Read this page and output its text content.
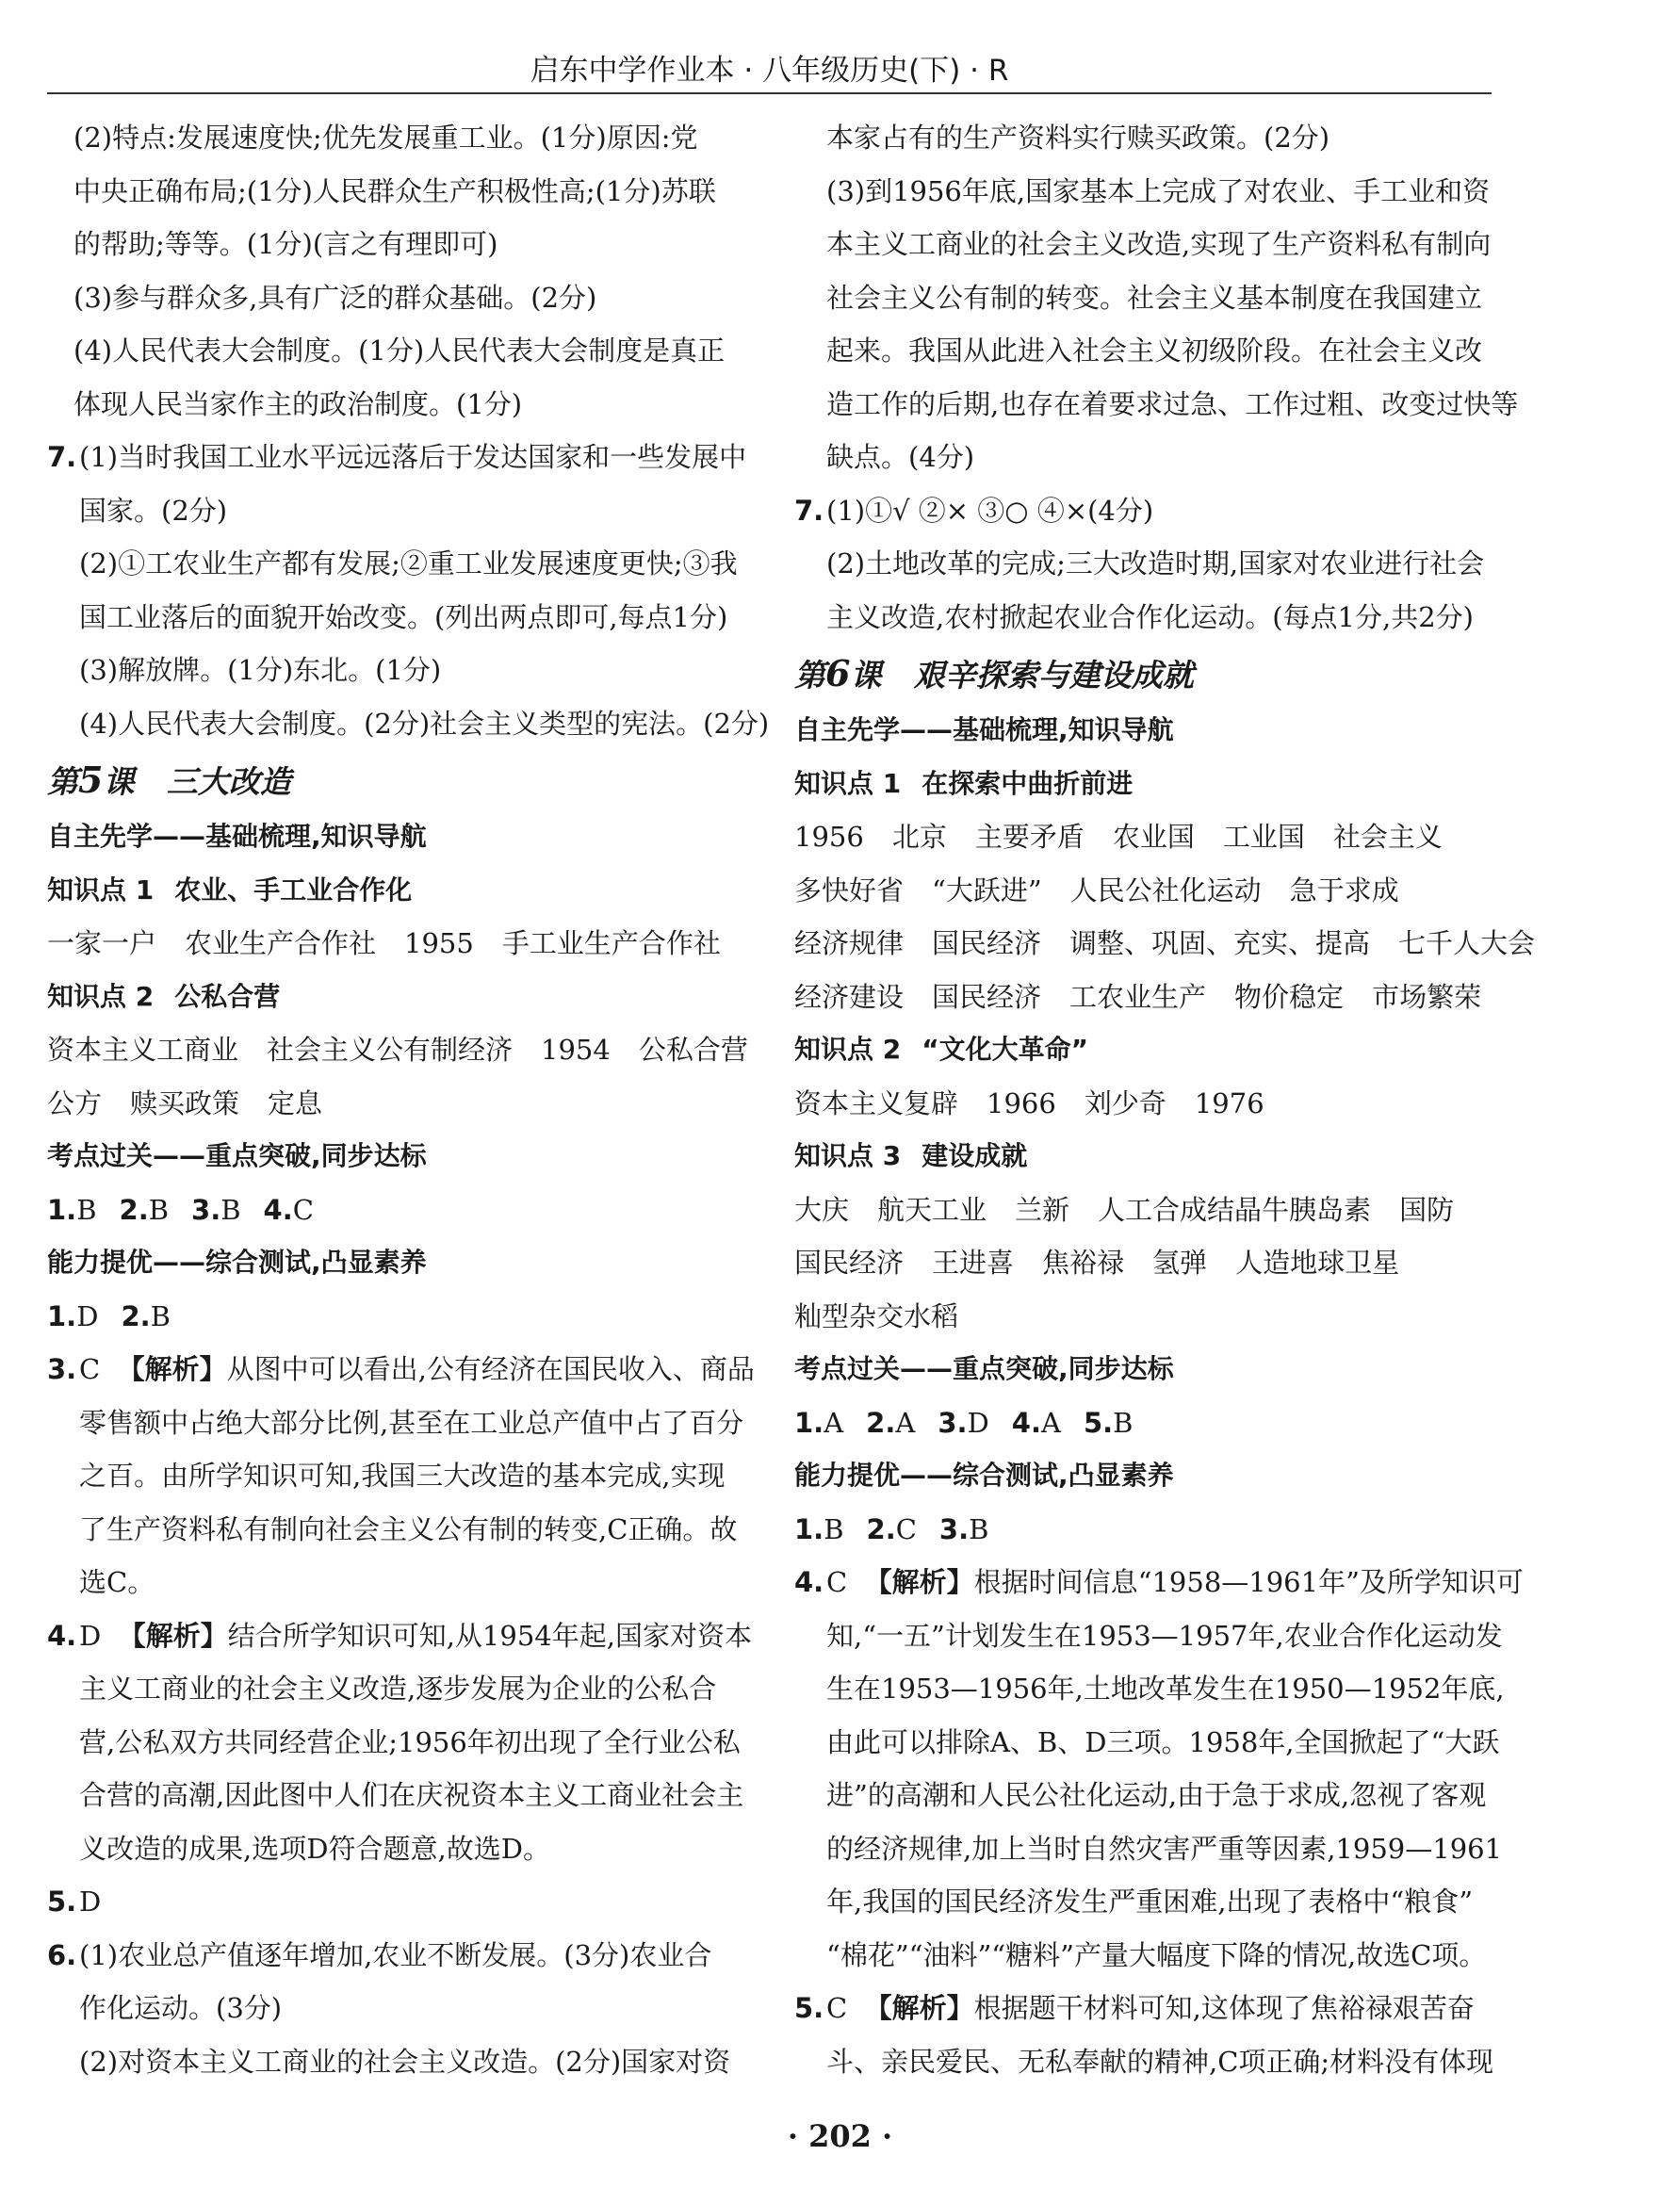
启东中学作业本 · 八年级历史(下) · R
(2)特点:发展速度快;优先发展重工业。(1分)原因:党
中央正确布局;(1分)人民群众生产积极性高;(1分)苏联
的帮助;等等。(1分)(言之有理即可)
(3)参与群众多,具有广泛的群众基础。(2分)
(4)人民代表大会制度。(1分)人民代表大会制度是真正
体现人民当家作主的政治制度。(1分)
7.(1)当时我国工业水平远远落后于发达国家和一些发展中
国家。(2分)
(2)①工农业生产都有发展;②重工业发展速度更快;③我
国工业落后的面貌开始改变。(列出两点即可,每点1分)
(3)解放牌。(1分)东北。(1分)
(4)人民代表大会制度。(2分)社会主义类型的宪法。(2分)
第5课 三大改造
自主先学——基础梳理,知识导航
知识点 1 农业、手工业合作化
一家一户 农业生产合作社 1955 手工业生产合作社
知识点 2 公私合营
资本主义工商业 社会主义公有制经济 1954 公私合营
公方 赎买政策 定息
考点过关——重点突破,同步达标
1.B 2.B 3.B 4.C
能力提优——综合测试,凸显素养
1.D 2.B
3.C 【解析】从图中可以看出,公有经济在国民收入、商品
零售额中占绝大部分比例,甚至在工业总产值中占了百分
之百。由所学知识可知,我国三大改造的基本完成,实现
了生产资料私有制向社会主义公有制的转变,C正确。故
选C。
4.D 【解析】结合所学知识可知,从1954年起,国家对资本
主义工商业的社会主义改造,逐步发展为企业的公私合
营,公私双方共同经营企业;1956年初出现了全行业公私
合营的高潮,因此图中人们在庆祝资本主义工商业社会主
义改造的成果,选项D符合题意,故选D。
5.D
6.(1)农业总产值逐年增加,农业不断发展。(3分)农业合
作化运动。(3分)
(2)对资本主义工商业的社会主义改造。(2分)国家对资
本家占有的生产资料实行赎买政策。(2分)
(3)到1956年底,国家基本上完成了对农业、手工业和资
本主义工商业的社会主义改造,实现了生产资料私有制向
社会主义公有制的转变。社会主义基本制度在我国建立
起来。我国从此进入社会主义初级阶段。在社会主义改
造工作的后期,也存在着要求过急、工作过粗、改变过快等
缺点。(4分)
7.(1)①√ ②× ③○ ④×(4分)
(2)土地改革的完成;三大改造时期,国家对农业进行社会
主义改造,农村掀起农业合作化运动。(每点1分,共2分)
第6课 艰辛探索与建设成就
自主先学——基础梳理,知识导航
知识点 1 在探索中曲折前进
1956 北京 主要矛盾 农业国 工业国 社会主义
多快好省 “大跃进” 人民公社化运动 急于求成
经济规律 国民经济 调整、巩固、充实、提高 七千人大会
经济建设 国民经济 工农业生产 物价稳定 市场繁荣
知识点 2 “文化大革命”
资本主义复辟 1966 刘少奇 1976
知识点 3 建设成就
大庆 航天工业 兰新 人工合成结晶牛胰岛素 国防
国民经济 王进喜 焦裕禄 氢弹 人造地球卫星
籼型杂交水稻
考点过关——重点突破,同步达标
1.A 2.A 3.D 4.A 5.B
能力提优——综合测试,凸显素养
1.B 2.C 3.B
4.C 【解析】根据时间信息“1958—1961年”及所学知识可
知,“一五”计划发生在1953—1957年,农业合作化运动发
生在1953—1956年,土地改革发生在1950—1952年底,
由此可以排除A、B、D三项。1958年,全国掀起了“大跃
进”的高潮和人民公社化运动,由于急于求成,忽视了客观
的经济规律,加上当时自然灾害严重等因素,1959—1961
年,我国的国民经济发生严重困难,出现了表格中“粮食”
“棉花”“油料”“糖料”产量大幅度下降的情况,故选C项。
5.C 【解析】根据题干材料可知,这体现了焦裕禄艰苦奋
斗、亲民爱民、无私奉献的精神,C项正确;材料没有体现
· 202 ·
